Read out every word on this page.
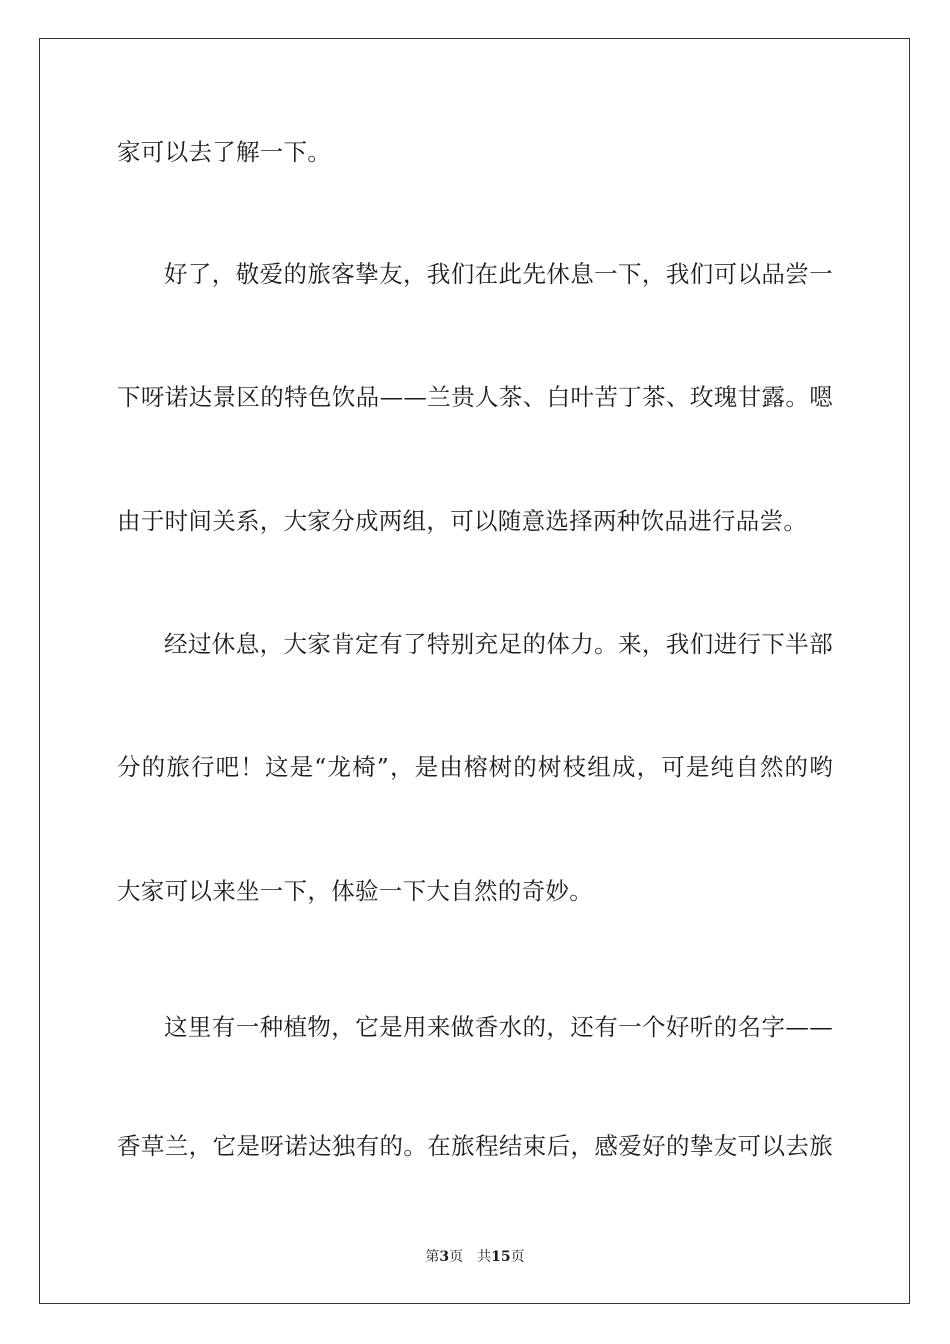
家可以去了解一下。
好了，敬爱的旅客挚友，我们在此先休息一下，我们可以品尝一
下呀诺达景区的特色饮品——兰贵人茶、白叶苦丁茶、玫瑰甘露。嗯
由于时间关系，大家分成两组，可以随意选择两种饮品进行品尝。
经过休息，大家肯定有了特别充足的体力。来，我们进行下半部
分的旅行吧！这是“龙椅”，是由榕树的树枝组成，可是纯自然的哟
大家可以来坐一下，体验一下大自然的奇妙。
这里有一种植物，它是用来做香水的，还有一个好听的名字——
香草兰，它是呀诺达独有的。在旅程结束后，感爱好的挚友可以去旅
第3页 共15页
